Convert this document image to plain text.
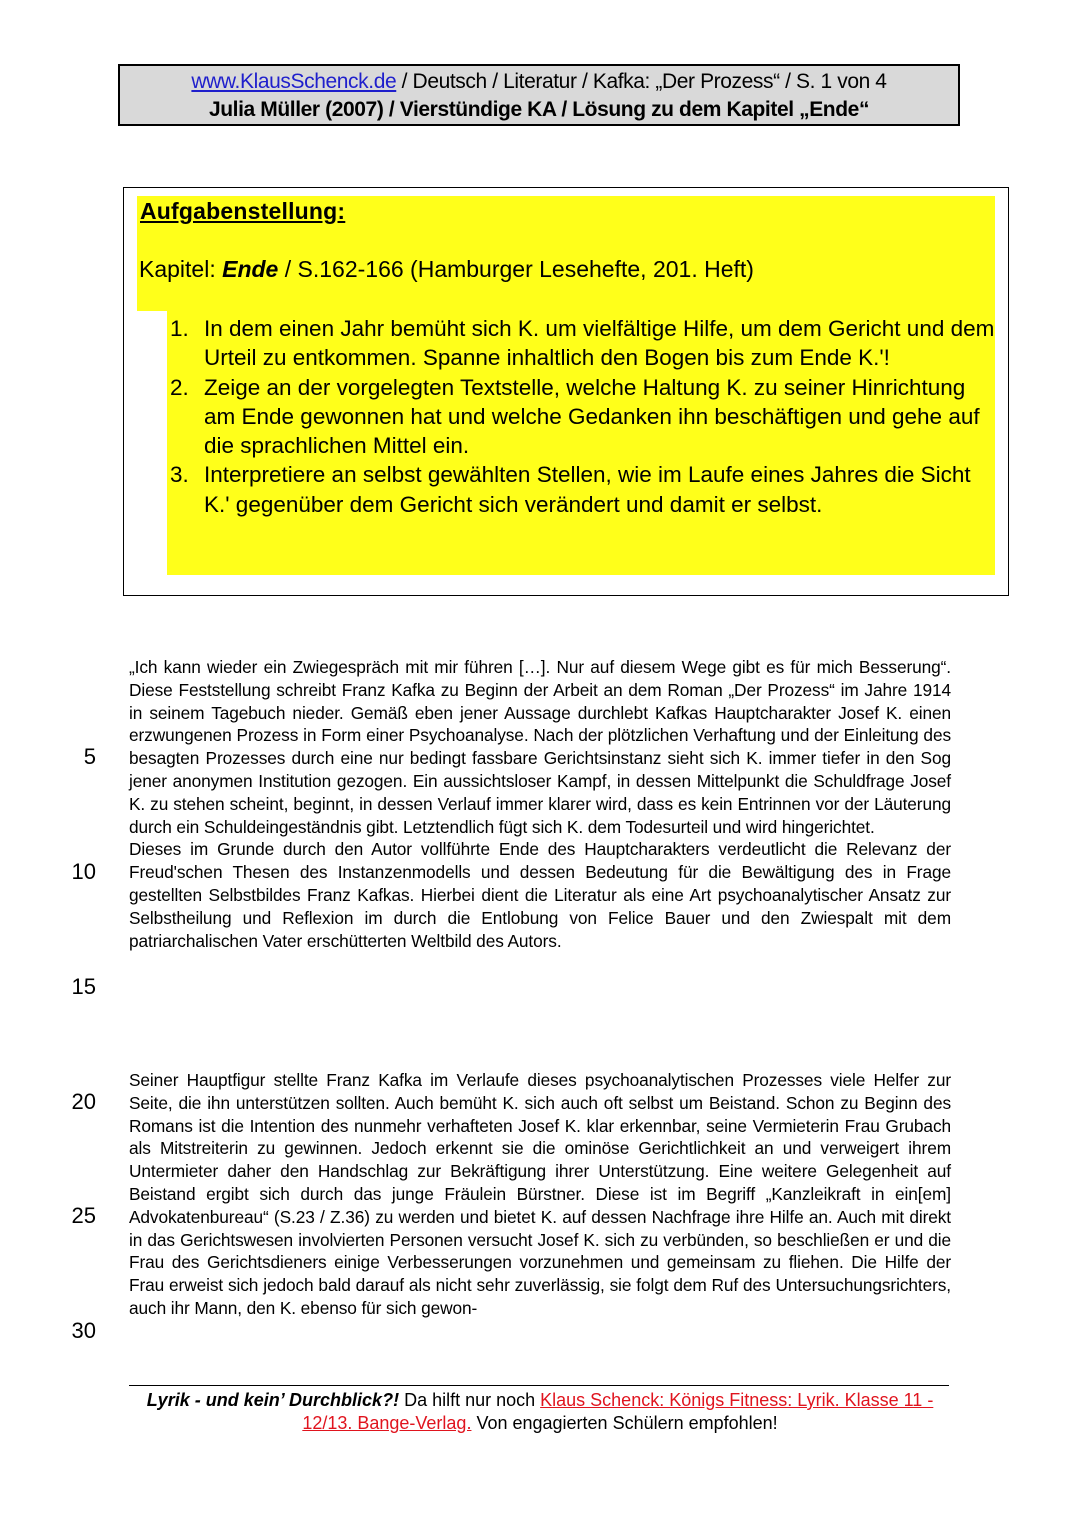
www.KlausSchenck.de / Deutsch / Literatur / Kafka: „Der Prozess“ / S. 1 von 4
Julia Müller (2007) / Vierstündige KA / Lösung zu dem Kapitel „Ende“
Aufgabenstellung:
Kapitel: Ende / S.162-166 (Hamburger Lesehefte, 201. Heft)
1. In dem einen Jahr bemüht sich K. um vielfältige Hilfe, um dem Gericht und dem Urteil zu entkommen. Spanne inhaltlich den Bogen bis zum Ende K.'!
2. Zeige an der vorgelegten Textstelle, welche Haltung K. zu seiner Hinrichtung am Ende gewonnen hat und welche Gedanken ihn beschäftigen und gehe auf die sprachlichen Mittel ein.
3. Interpretiere an selbst gewählten Stellen, wie im Laufe eines Jahres die Sicht K.' gegenüber dem Gericht sich verändert und damit er selbst.
5
10
15
20
25
30
„Ich kann wieder ein Zwiegespräch mit mir führen […]. Nur auf diesem Wege gibt es für mich Besserung“. Diese Feststellung schreibt Franz Kafka zu Beginn der Arbeit an dem Roman „Der Prozess“ im Jahre 1914 in seinem Tagebuch nieder. Gemäß eben jener Aussage durchlebt Kafkas Hauptcharakter Josef K. einen erzwungenen Prozess in Form einer Psychoanalyse. Nach der plötzlichen Verhaftung und der Einleitung des besagten Prozesses durch eine nur bedingt fassbare Gerichtsinstanz sieht sich K. immer tiefer in den Sog jener anonymen Institution gezogen. Ein aussichtsloser Kampf, in dessen Mittelpunkt die Schuldfrage Josef K. zu stehen scheint, beginnt, in dessen Verlauf immer klarer wird, dass es kein Entrinnen vor der Läuterung durch ein Schuldeingeständnis gibt. Letztendlich fügt sich K. dem Todesurteil und wird hingerichtet.
Dieses im Grunde durch den Autor vollführte Ende des Hauptcharakters verdeutlicht die Relevanz der Freud'schen Thesen des Instanzenmodells und dessen Bedeutung für die Bewältigung des in Frage gestellten Selbstbildes Franz Kafkas. Hierbei dient die Literatur als eine Art psychoanalytischer Ansatz zur Selbstheilung und Reflexion im durch die Entlobung von Felice Bauer und den Zwiespalt mit dem patriarchalischen Vater erschütterten Weltbild des Autors.
Seiner Hauptfigur stellte Franz Kafka im Verlaufe dieses psychoanalytischen Prozesses viele Helfer zur Seite, die ihn unterstützen sollten. Auch bemüht K. sich auch oft selbst um Beistand. Schon zu Beginn des Romans ist die Intention des nunmehr verhafteten Josef K. klar erkennbar, seine Vermieterin Frau Grubach als Mitstreiterin zu gewinnen. Jedoch erkennt sie die ominöse Gerichtlichkeit an und verweigert ihrem Untermieter daher den Handschlag zur Bekräftigung ihrer Unterstützung. Eine weitere Gelegenheit auf Beistand ergibt sich durch das junge Fräulein Bürstner. Diese ist im Begriff „Kanzleikraft in ein[em] Advokatenbureau“ (S.23 / Z.36) zu werden und bietet K. auf dessen Nachfrage ihre Hilfe an. Auch mit direkt in das Gerichtswesen involvierten Personen versucht Josef K. sich zu verbünden, so beschließen er und die Frau des Gerichtsdieners einige Verbesserungen vorzunehmen und gemeinsam zu fliehen. Die Hilfe der Frau erweist sich jedoch bald darauf als nicht sehr zuverlässig, sie folgt dem Ruf des Untersuchungsrichters, auch ihr Mann, den K. ebenso für sich gewon-
Lyrik - und kein’ Durchblick?! Da hilft nur noch Klaus Schenck: Königs Fitness: Lyrik. Klasse 11 - 12/13. Bange-Verlag. Von engagierten Schülern empfohlen!
